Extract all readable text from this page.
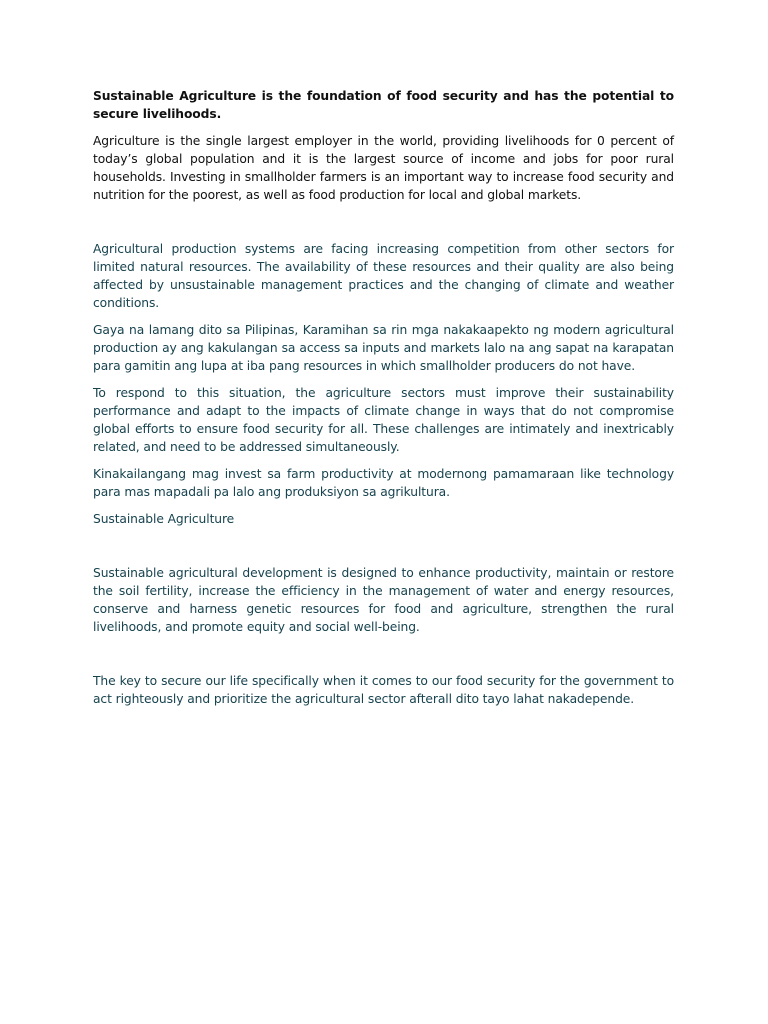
Sustainable Agriculture is the foundation of food security and has the potential to secure livelihoods.

Agriculture is the single largest employer in the world, providing livelihoods for 0 percent of today’s global population and it is the largest source of income and jobs for poor rural households. Investing in smallholder farmers is an important way to increase food security and nutrition for the poorest, as well as food production for local and global markets.

Agricultural production systems are facing increasing competition from other sectors for limited natural resources. The availability of these resources and their quality are also being affected by unsustainable management practices and the changing of climate and weather conditions.

Gaya na lamang dito sa Pilipinas, Karamihan sa rin mga nakakaapekto ng modern agricultural production ay ang kakulangan sa access sa inputs and markets lalo na ang sapat na karapatan para gamitin ang lupa at iba pang resources in which smallholder producers do not have.

To respond to this situation, the agriculture sectors must improve their sustainability performance and adapt to the impacts of climate change in ways that do not compromise global efforts to ensure food security for all. These challenges are intimately and inextricably related, and need to be addressed simultaneously.

Kinakailangang mag invest sa farm productivity at modernong pamamaraan like technology para mas mapadali pa lalo ang produksiyon sa agrikultura.

Sustainable Agriculture

Sustainable agricultural development is designed to enhance productivity, maintain or restore the soil fertility, increase the efficiency in the management of water and energy resources, conserve and harness genetic resources for food and agriculture, strengthen the rural livelihoods, and promote equity and social well-being.

The key to secure our life specifically when it comes to our food security for the government to act righteously and prioritize the agricultural sector afterall dito tayo lahat nakadepende.
